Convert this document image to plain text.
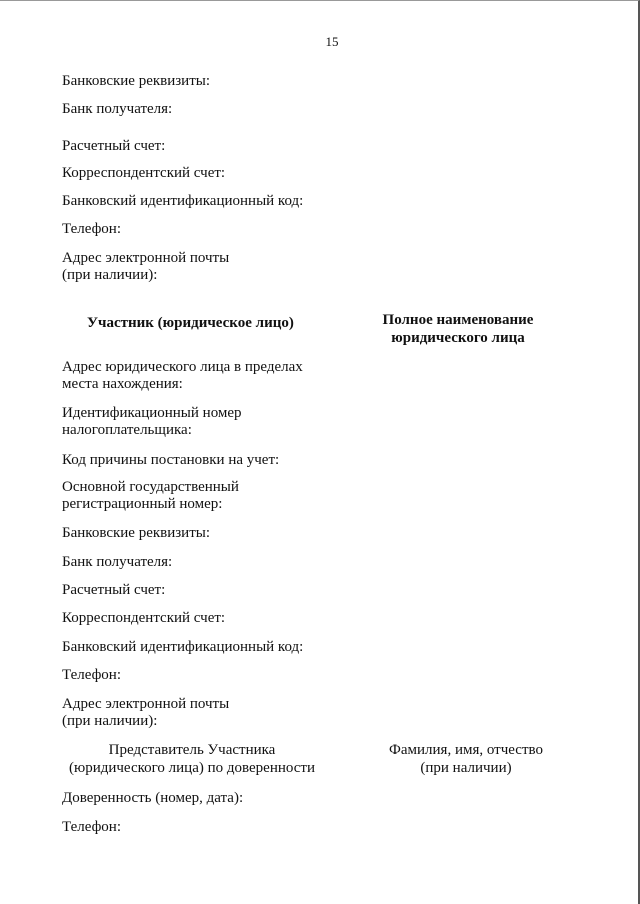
15
Банковские реквизиты:
Банк получателя:
Расчетный счет:
Корреспондентский счет:
Банковский идентификационный код:
Телефон:
Адрес электронной почты
(при наличии):
Участник (юридическое лицо)	Полное наименование
юридического лица
Адрес юридического лица в пределах
места нахождения:
Идентификационный номер
налогоплательщика:
Код причины постановки на учет:
Основной государственный
регистрационный номер:
Банковские реквизиты:
Банк получателя:
Расчетный счет:
Корреспондентский счет:
Банковский идентификационный код:
Телефон:
Адрес электронной почты
(при наличии):
Представитель Участника
(юридического лица) по доверенности
Фамилия, имя, отчество
(при наличии)
Доверенность (номер, дата):
Телефон:
